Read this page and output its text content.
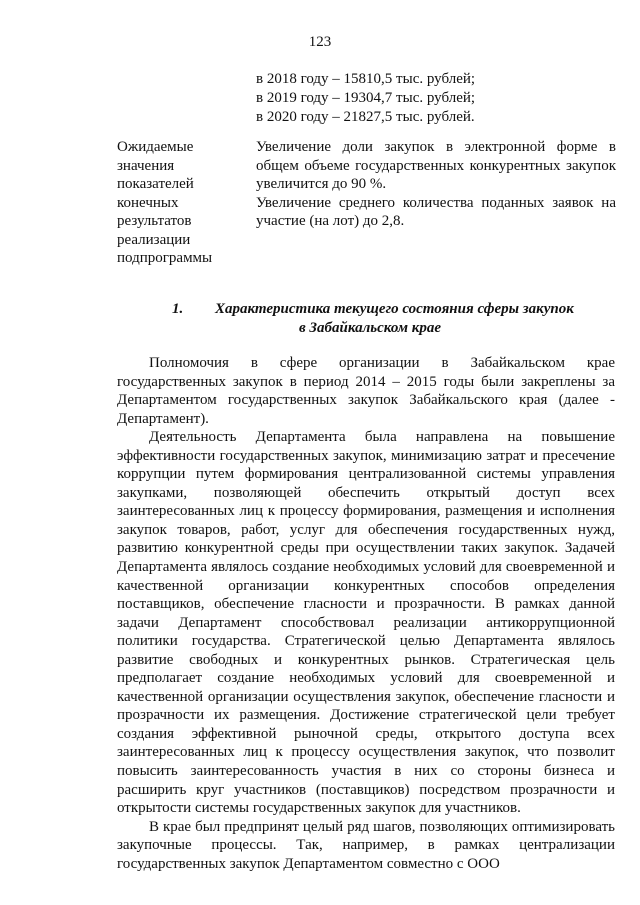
123
в 2018 году – 15810,5 тыс. рублей;
в 2019 году – 19304,7 тыс. рублей;
в 2020 году – 21827,5 тыс. рублей.
Ожидаемые
значения
показателей
конечных
результатов
реализации
подпрограммы

Увеличение доли закупок в электронной форме в общем объеме государственных конкурентных закупок увеличится до 90 %.

Увеличение среднего количества поданных заявок на участие (на лот) до 2,8.

1. Характеристика текущего состояния сферы закупок
в Забайкальском крае

Полномочия в сфере организации в Забайкальском крае государственных закупок в период 2014 – 2015 годы были закреплены за Департаментом государственных закупок Забайкальского края (далее - Департамент).

Деятельность Департамента была направлена на повышение эффективности государственных закупок, минимизацию затрат и пресечение коррупции путем формирования централизованной системы управления закупками, позволяющей обеспечить открытый доступ всех заинтересованных лиц к процессу формирования, размещения и исполнения закупок товаров, работ, услуг для обеспечения государственных нужд, развитию конкурентной среды при осуществлении таких закупок. Задачей Департамента являлось создание необходимых условий для своевременной и качественной организации конкурентных способов определения поставщиков, обеспечение гласности и прозрачности. В рамках данной задачи Департамент способствовал реализации антикоррупционной политики государства. Стратегической целью Департамента являлось развитие свободных и конкурентных рынков. Стратегическая цель предполагает создание необходимых условий для своевременной и качественной организации осуществления закупок, обеспечение гласности и прозрачности их размещения. Достижение стратегической цели требует создания эффективной рыночной среды, открытого доступа всех заинтересованных лиц к процессу осуществления закупок, что позволит повысить заинтересованность участия в них со стороны бизнеса и расширить круг участников (поставщиков) посредством прозрачности и открытости системы государственных закупок для участников.

В крае был предпринят целый ряд шагов, позволяющих оптимизировать закупочные процессы. Так, например, в рамках централизации государственных закупок Департаментом совместно с ООО
